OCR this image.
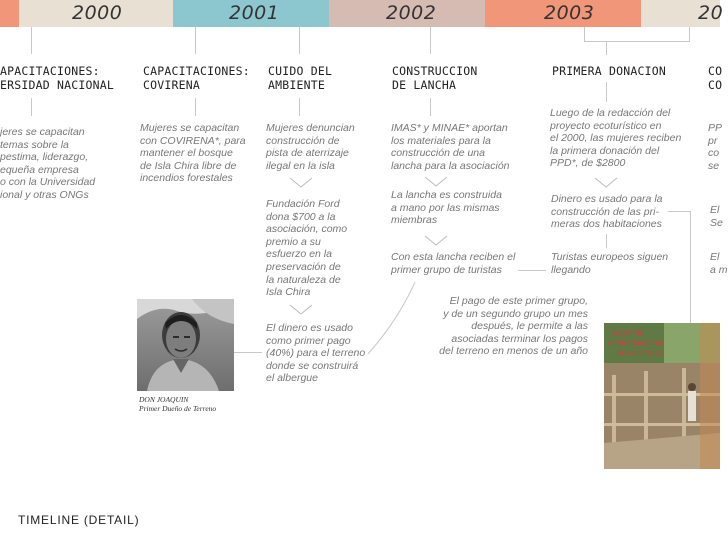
2000	2001	2002	2003	20
APACITACIONES:
ERSIDAD NACIONAL
jeres se capacitan
temas sobre la
pestima, liderazgo,
equeña empresa
o con la Universidad
ional y otras ONGs
CAPACITACIONES:
COVIRENA
Mujeres se capacitan
con COVIRENA*, para
mantener el bosque
de Isla Chira libre de
incendios forestales
CUIDO DEL
AMBIENTE
Mujeres denuncian
construcción de
pista de aterrizaje
ilegal en la isla
Fundación Ford
dona $700 a la
asociación, como
premio a su
esfuerzo en la
preservación de
la naturaleza de
Isla Chira
El dinero es usado
como primer pago
(40%) para el terreno
donde se construirá
el albergue
DON JOAQUIN
Primer Dueño de Terreno
CONSTRUCCION
DE LANCHA
IMAS* y MINAE* aportan
los materiales para la
construcción de una
lancha para la asociación
La lancha es construida
a mano por las mismas
miembras
Con esta lancha reciben el
primer grupo de turistas
El pago de este primer grupo,
y de un segundo grupo un mes
después, le permite a las
asociadas terminar los pagos
del terreno en menos de un año
PRIMERA DONACION
Luego de la redacción del
proyecto ecoturístico en
el 2000, las mujeres reciben
la primera donación del
PPD*, de $2800
Dinero es usado para la
construcción de las pri-
meras dos habitaciones
Turistas europeos siguen
llegando
Fiesta de
emprendedoras
se construye
CO
CO
PP
pr
co
se
El
Se
El
a m
TIMELINE (DETAIL)
